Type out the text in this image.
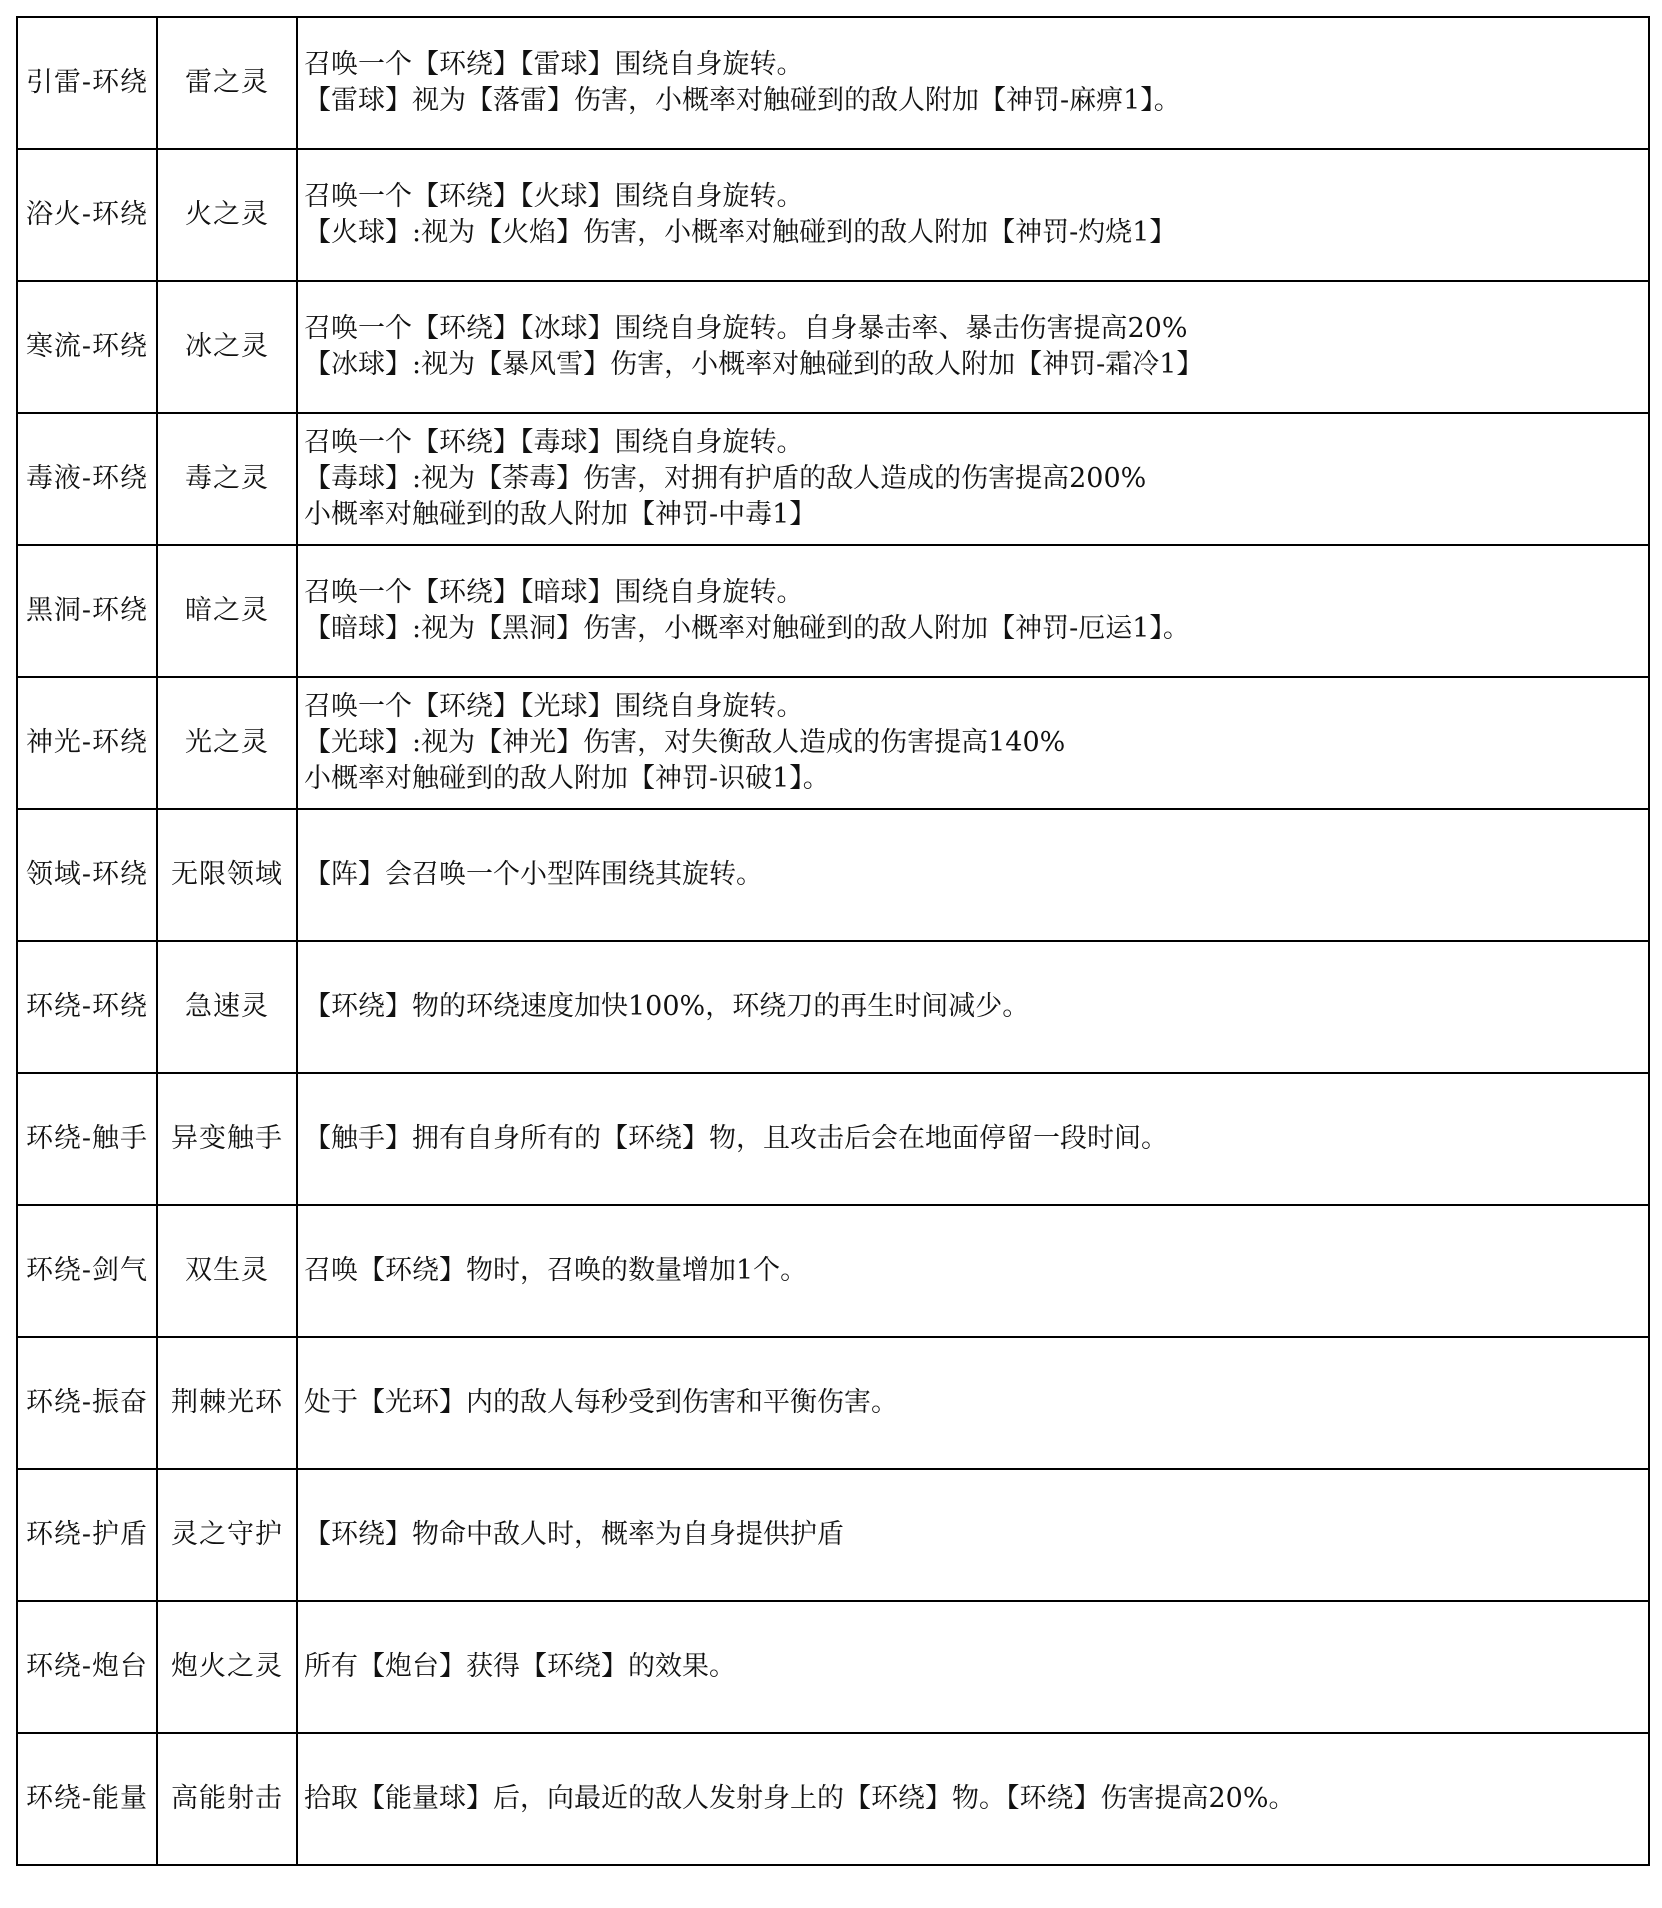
引雷-环绕	雷之灵	召唤一个【环绕】【雷球】围绕自身旋转。
【雷球】视为【落雷】伤害，小概率对触碰到的敌人附加【神罚-麻痹1】。

浴火-环绕	火之灵	召唤一个【环绕】【火球】围绕自身旋转。
【火球】:视为【火焰】伤害，小概率对触碰到的敌人附加【神罚-灼烧1】

寒流-环绕	冰之灵	召唤一个【环绕】【冰球】围绕自身旋转。自身暴击率、暴击伤害提高20%
【冰球】:视为【暴风雪】伤害，小概率对触碰到的敌人附加【神罚-霜冷1】

毒液-环绕	毒之灵	召唤一个【环绕】【毒球】围绕自身旋转。
【毒球】:视为【荼毒】伤害，对拥有护盾的敌人造成的伤害提高200%
小概率对触碰到的敌人附加【神罚-中毒1】

黑洞-环绕	暗之灵	召唤一个【环绕】【暗球】围绕自身旋转。
【暗球】:视为【黑洞】伤害，小概率对触碰到的敌人附加【神罚-厄运1】。

神光-环绕	光之灵	召唤一个【环绕】【光球】围绕自身旋转。
【光球】:视为【神光】伤害，对失衡敌人造成的伤害提高140%
小概率对触碰到的敌人附加【神罚-识破1】。

领域-环绕	无限领域	【阵】会召唤一个小型阵围绕其旋转。

环绕-环绕	急速灵	【环绕】物的环绕速度加快100%，环绕刀的再生时间减少。

环绕-触手	异变触手	【触手】拥有自身所有的【环绕】物，且攻击后会在地面停留一段时间。

环绕-剑气	双生灵	召唤【环绕】物时，召唤的数量增加1个。

环绕-振奋	荆棘光环	处于【光环】内的敌人每秒受到伤害和平衡伤害。

环绕-护盾	灵之守护	【环绕】物命中敌人时，概率为自身提供护盾

环绕-炮台	炮火之灵	所有【炮台】获得【环绕】的效果。

环绕-能量	高能射击	拾取【能量球】后，向最近的敌人发射身上的【环绕】物。【环绕】伤害提高20%。
